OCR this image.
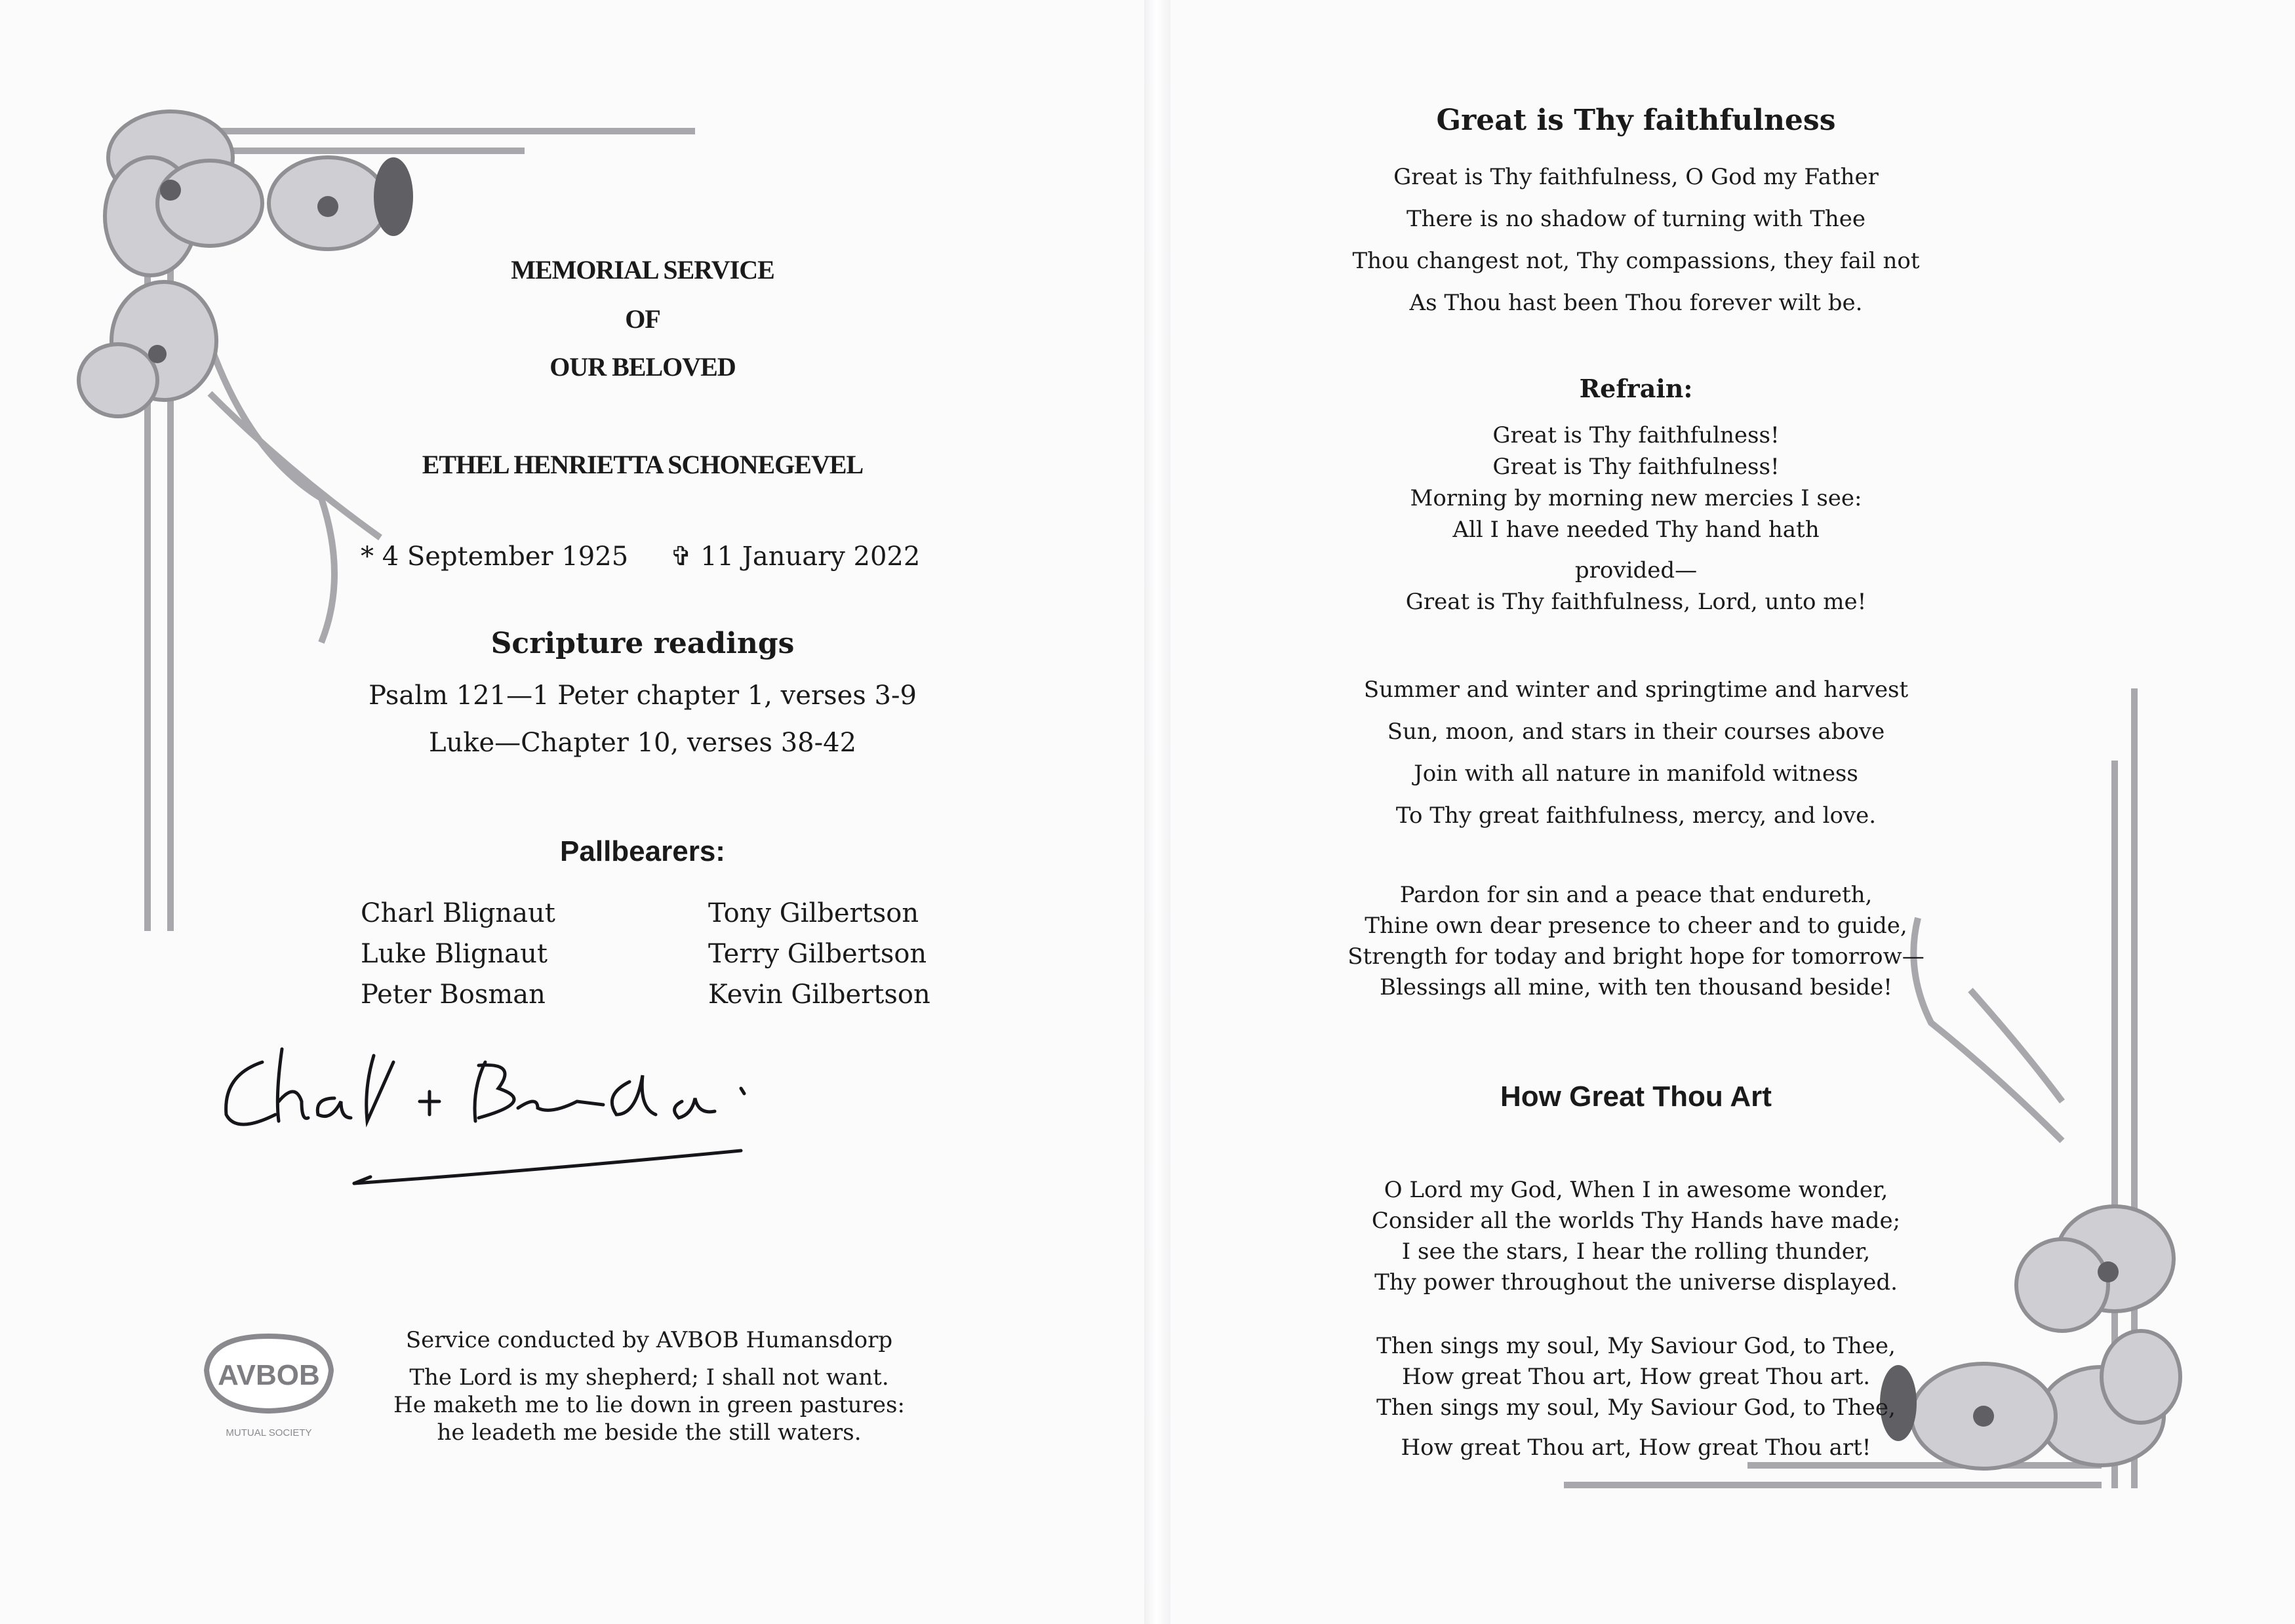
MEMORIAL SERVICE
OF
OUR BELOVED
ETHEL HENRIETTA SCHONEGEVEL
* 4 September 1925 ✞ 11 January 2022
Scripture readings
Psalm 121—1 Peter chapter 1, verses 3-9
Luke—Chapter 10, verses 38-42
Pallbearers:
Charl Blignaut
Luke Blignaut
Peter Bosman
Tony Gilbertson
Terry Gilbertson
Kevin Gilbertson
AVBOB
MUTUAL SOCIETY
Service conducted by AVBOB Humansdorp
The Lord is my shepherd; I shall not want.
He maketh me to lie down in green pastures:
he leadeth me beside the still waters.
Great is Thy faithfulness
Great is Thy faithfulness, O God my Father
There is no shadow of turning with Thee
Thou changest not, Thy compassions, they fail not
As Thou hast been Thou forever wilt be.
Refrain:
Great is Thy faithfulness!
Great is Thy faithfulness!
Morning by morning new mercies I see:
All I have needed Thy hand hath
provided—
Great is Thy faithfulness, Lord, unto me!
Summer and winter and springtime and harvest
Sun, moon, and stars in their courses above
Join with all nature in manifold witness
To Thy great faithfulness, mercy, and love.
Pardon for sin and a peace that endureth,
Thine own dear presence to cheer and to guide,
Strength for today and bright hope for tomorrow—
Blessings all mine, with ten thousand beside!
How Great Thou Art
O Lord my God, When I in awesome wonder,
Consider all the worlds Thy Hands have made;
I see the stars, I hear the rolling thunder,
Thy power throughout the universe displayed.
Then sings my soul, My Saviour God, to Thee,
How great Thou art, How great Thou art.
Then sings my soul, My Saviour God, to Thee,
How great Thou art, How great Thou art!
